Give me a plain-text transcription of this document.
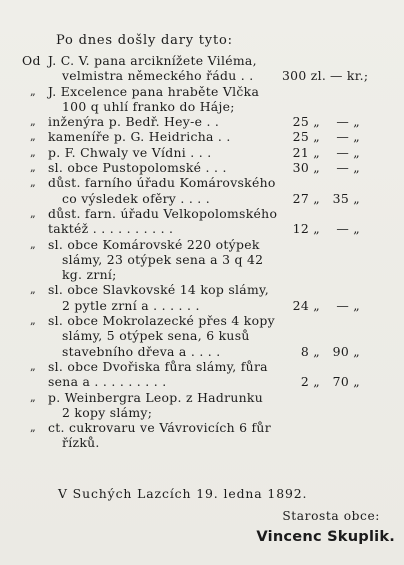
Po dnes došly dary tyto:
Od J. C. V. pana arciknížete Viléma,
velmistra německého řádu . . 300 zl. — kr.;
„ J. Excelence pana hraběte Vlčka
100 q uhlí franko do Háje;
„ inženýra p. Bedř. Hey-e . .	25 „	— „
„ kameníře p. G. Heidricha . .	25 „	— „
„ p. F. Chwaly ve Vídni . . .	21 „	— „
„ sl. obce Pustopolomské . . .	30 „	— „
„ důst. farního úřadu Komárovského
co výsledek ofěry . . . .	27 „ 35 „
„ důst. farn. úřadu Velkopolomského
taktéž . . . . . . . . . .	12 „	— „
„ sl. obce Komárovské 220 otýpek
slámy, 23 otýpek sena a 3 q 42
kg. zrní;
„ sl. obce Slavkovské 14 kop slámy,
2 pytle zrní a . . . . . .	24 „	— „
„ sl. obce Mokrolazecké přes 4 kopy
slámy, 5 otýpek sena, 6 kusů
stavebního dřeva a . . . .	8 „ 90 „
„ sl. obce Dvořiska fůra slámy, fůra
sena a . . . . . . . . .	2 „ 70 „
„ p. Weinbergra Leop. z Hadrunku
2 kopy slámy;
„ ct. cukrovaru ve Vávrovicích 6 fůr
řízků.
V Suchých Lazcích 19. ledna 1892.
Starosta obce:
Vincenc Skuplik.
